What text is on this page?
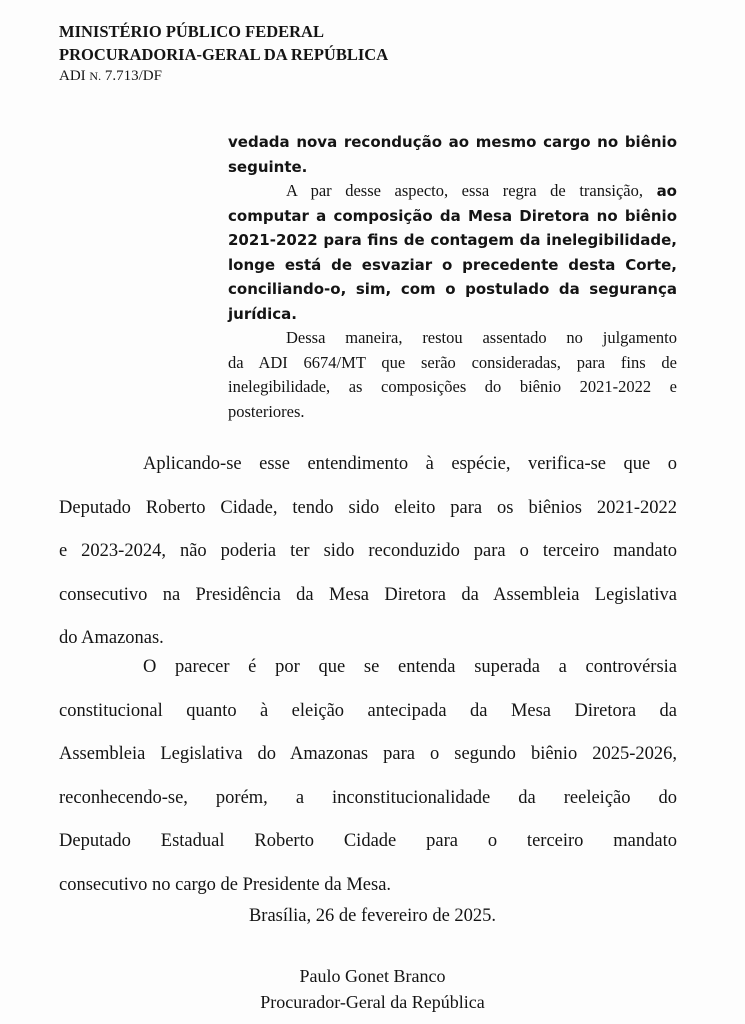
MINISTÉRIO PÚBLICO FEDERAL
PROCURADORIA-GERAL DA REPÚBLICA
ADI N. 7.713/DF
vedada nova recondução ao mesmo cargo no biênio
seguinte.
A par desse aspecto, essa regra de transição, ao
computar a composição da Mesa Diretora no biênio
2021-2022 para fins de contagem da inelegibilidade,
longe está de esvaziar o precedente desta Corte,
conciliando-o, sim, com o postulado da segurança
jurídica.
Dessa maneira, restou assentado no julgamento
da ADI 6674/MT que serão consideradas, para fins de
inelegibilidade, as composições do biênio 2021-2022 e
posteriores.
Aplicando-se esse entendimento à espécie, verifica-se que o
Deputado Roberto Cidade, tendo sido eleito para os biênios 2021-2022
e 2023-2024, não poderia ter sido reconduzido para o terceiro mandato
consecutivo na Presidência da Mesa Diretora da Assembleia Legislativa
do Amazonas.
O parecer é por que se entenda superada a controvérsia
constitucional quanto à eleição antecipada da Mesa Diretora da
Assembleia Legislativa do Amazonas para o segundo biênio 2025-2026,
reconhecendo-se, porém, a inconstitucionalidade da reeleição do
Deputado Estadual Roberto Cidade para o terceiro mandato
consecutivo no cargo de Presidente da Mesa.
Brasília, 26 de fevereiro de 2025.
Paulo Gonet Branco
Procurador-Geral da República
